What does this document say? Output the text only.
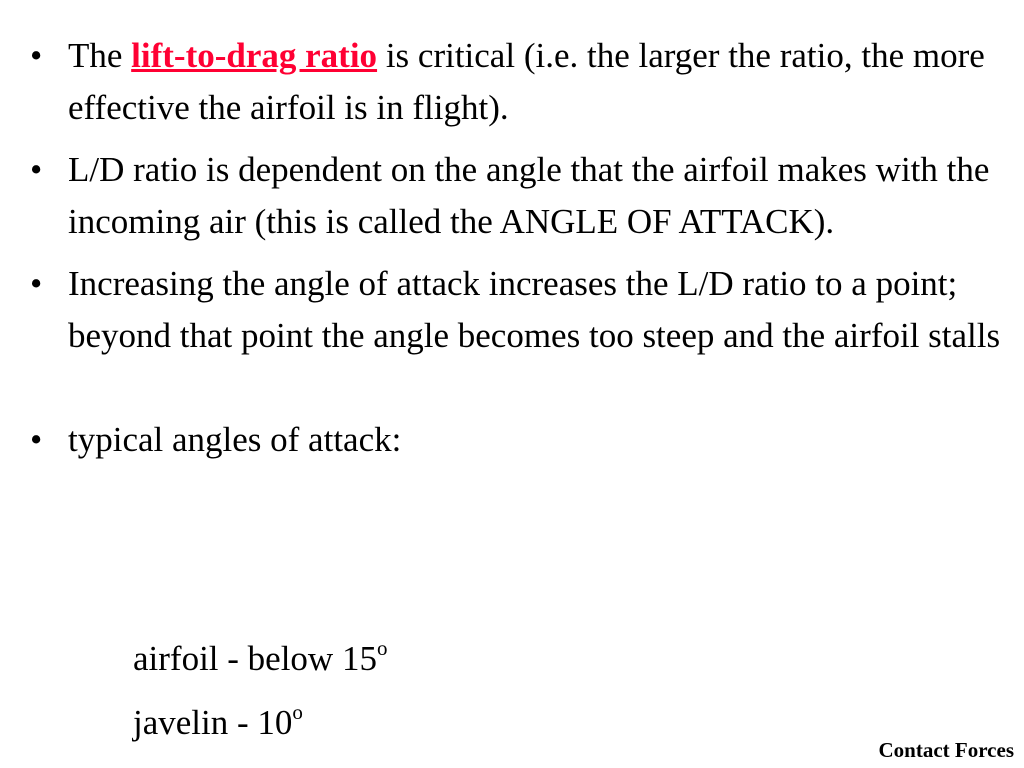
• The lift-to-drag ratio is critical (i.e. the larger the ratio, the more effective the airfoil is in flight).
• L/D ratio is dependent on the angle that the airfoil makes with the incoming air (this is called the ANGLE OF ATTACK).
• Increasing the angle of attack increases the L/D ratio to a point; beyond that point the angle becomes too steep and the airfoil stalls
• typical angles of attack:
airfoil - below 15$^o$
javelin - 10$^o$
Contact Forces
